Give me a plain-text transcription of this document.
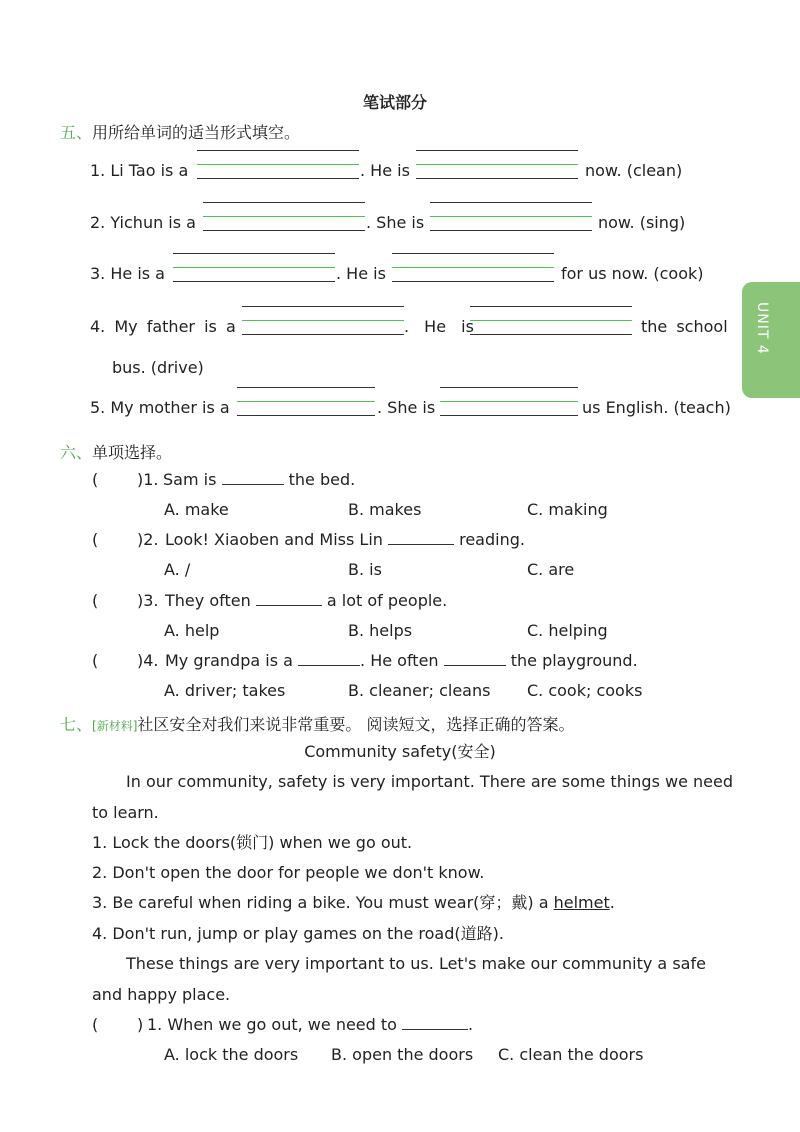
笔试部分
UNIT 4
五、用所给单词的适当形式填空。
1. Li Tao is a	. He is	now. (clean)
2. Yichun is a	. She is	now. (sing)
3. He is a	. He is	for us now. (cook)
4. My father is a	. He is	the school
bus. (drive)
5. My mother is a	. She is	us English. (teach)
六、单项选择。
( )1. Sam is	the bed.
A. make	B. makes	C. making
( )2. Look! Xiaoben and Miss Lin	reading.
A. /	B. is	C. are
( )3. They often	a lot of people.
A. help	B. helps	C. helping
( )4. My grandpa is a	. He often	the playground.
A. driver; takes	B. cleaner; cleans C. cook; cooks
七、[新材料]社区安全对我们来说非常重要。 阅读短文，选择正确的答案。
Community safety(安全)
In our community, safety is very important. There are some things we need
to learn.
1. Lock the doors(锁门) when we go out.
2. Don't open the door for people we don't know.
3. Be careful when riding a bike. You must wear(穿；戴) a helmet.
4. Don't run, jump or play games on the road(道路).
These things are very important to us. Let's make our community a safe
and happy place.
( ) 1. When we go out, we need to	.
A. lock the doors B. open the doors C. clean the doors
